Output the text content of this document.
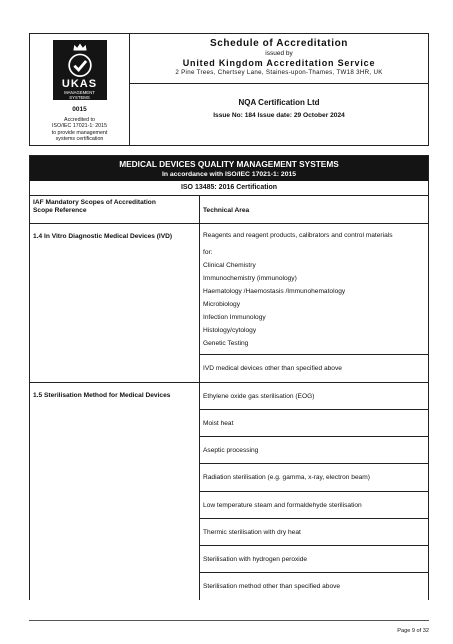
UKAS
MANAGEMENT
SYSTEMS
0015
Accredited to
ISO/IEC 17021-1: 2015
to provide management
systems certification
Schedule of Accreditation
issued by
United Kingdom Accreditation Service
2 Pine Trees, Chertsey Lane, Staines-upon-Thames, TW18 3HR, UK
NQA Certification Ltd
Issue No: 184 Issue date: 29 October 2024
MEDICAL DEVICES QUALITY MANAGEMENT SYSTEMS
In accordance with ISO/IEC 17021-1: 2015
ISO 13485: 2016 Certification
IAF Mandatory Scopes of Accreditation
Scope Reference	Technical Area
1.4 In Vitro Diagnostic Medical Devices (IVD)	Reagents and reagent products, calibrators and control materials
for:
Clinical Chemistry
Immunochemistry (immunology)
Haematology /Haemostasis /Immunohematology
Microbiology
Infection Immunology
Histology/cytology
Genetic Testing
IVD medical devices other than specified above
1.5 Sterilisation Method for Medical Devices	Ethylene oxide gas sterilisation (EOG)
Moist heat
Aseptic processing
Radiation sterilisation (e.g. gamma, x-ray, electron beam)
Low temperature steam and formaldehyde sterilisation
Thermic sterilisation with dry heat
Sterilisation with hydrogen peroxide
Sterilisation method other than specified above
Page 9 of 32
